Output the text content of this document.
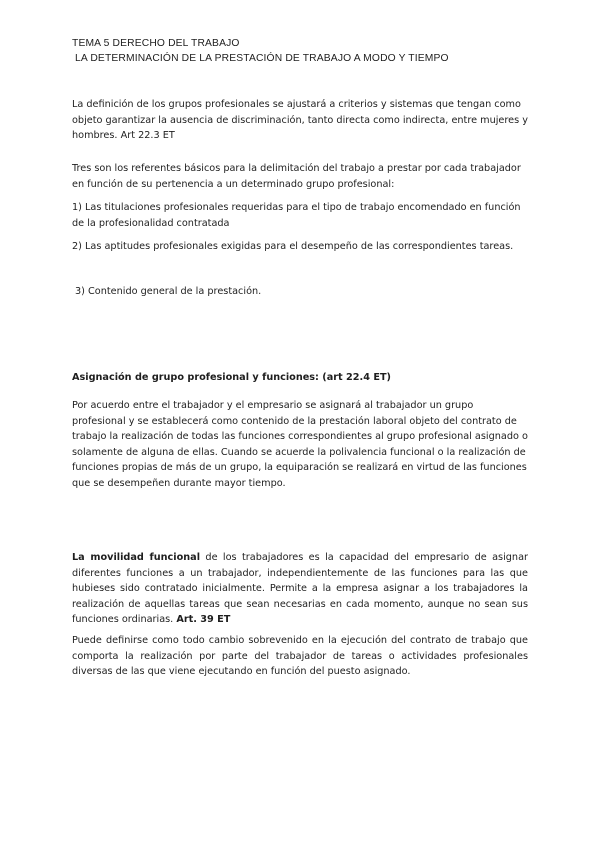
TEMA 5 DERECHO DEL TRABAJO
LA DETERMINACIÓN DE LA PRESTACIÓN DE TRABAJO A MODO Y TIEMPO
La definición de los grupos profesionales se ajustará a criterios y sistemas que tengan como objeto garantizar la ausencia de discriminación, tanto directa como indirecta, entre mujeres y hombres. Art 22.3 ET
Tres son los referentes básicos para la delimitación del trabajo a prestar por cada trabajador en función de su pertenencia a un determinado grupo profesional:
1) Las titulaciones profesionales requeridas para el tipo de trabajo encomendado en función de la profesionalidad contratada
2) Las aptitudes profesionales exigidas para el desempeño de las correspondientes tareas.
3) Contenido general de la prestación.
Asignación de grupo profesional y funciones: (art 22.4 ET)
Por acuerdo entre el trabajador y el empresario se asignará al trabajador un grupo profesional y se establecerá como contenido de la prestación laboral objeto del contrato de trabajo la realización de todas las funciones correspondientes al grupo profesional asignado o solamente de alguna de ellas. Cuando se acuerde la polivalencia funcional o la realización de funciones propias de más de un grupo, la equiparación se realizará en virtud de las funciones que se desempeñen durante mayor tiempo.
La movilidad funcional de los trabajadores es la capacidad del empresario de asignar diferentes funciones a un trabajador, independientemente de las funciones para las que hubieses sido contratado inicialmente. Permite a la empresa asignar a los trabajadores la realización de aquellas tareas que sean necesarias en cada momento, aunque no sean sus funciones ordinarias. Art. 39 ET
Puede definirse como todo cambio sobrevenido en la ejecución del contrato de trabajo que comporta la realización por parte del trabajador de tareas o actividades profesionales diversas de las que viene ejecutando en función del puesto asignado.
